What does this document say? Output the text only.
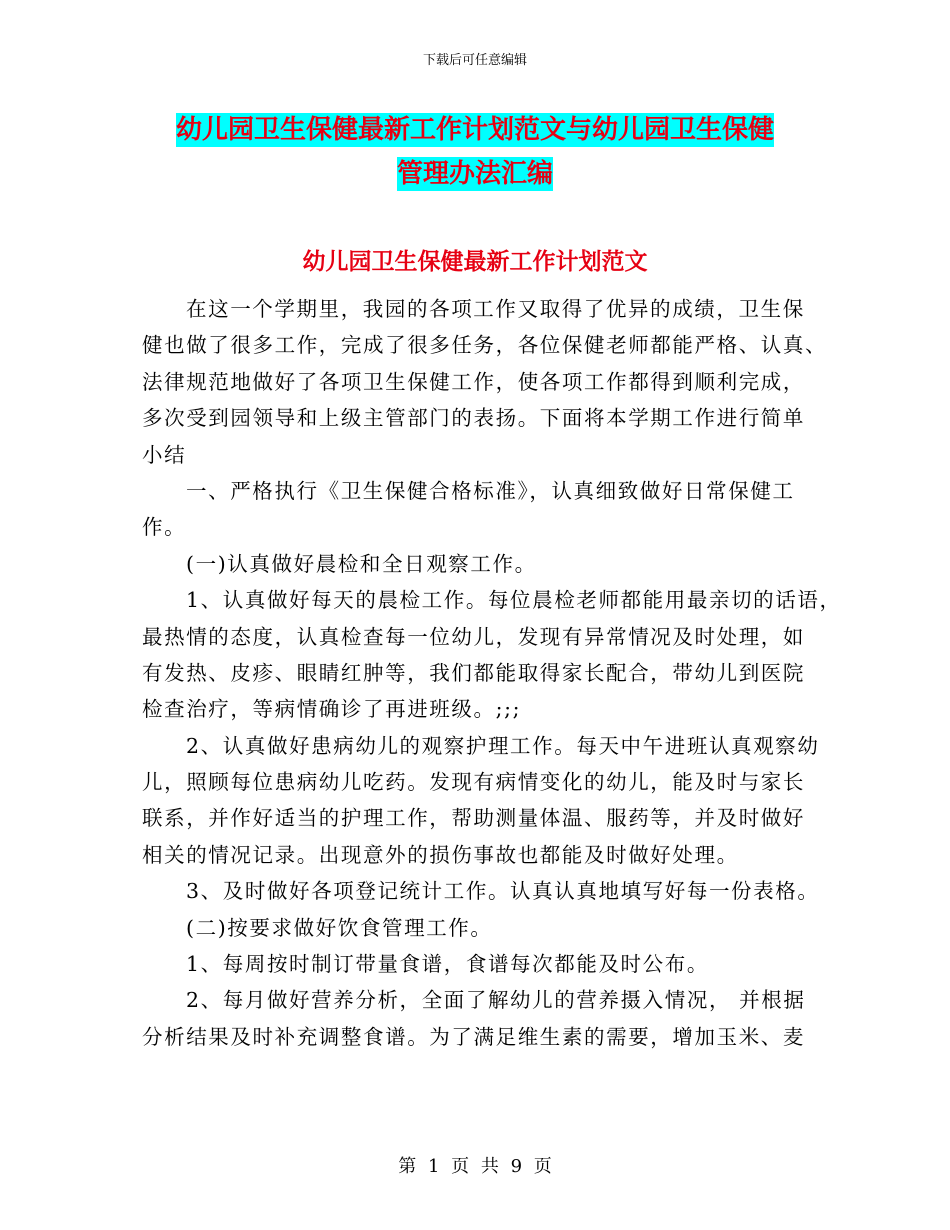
下载后可任意编辑
幼儿园卫生保健最新工作计划范文与幼儿园卫生保健
管理办法汇编
幼儿园卫生保健最新工作计划范文
在这一个学期里，我园的各项工作又取得了优异的成绩，卫生保
健也做了很多工作，完成了很多任务，各位保健老师都能严格、认真、
法律规范地做好了各项卫生保健工作，使各项工作都得到顺利完成，
多次受到园领导和上级主管部门的表扬。下面将本学期工作进行简单
小结
一、严格执行《卫生保健合格标准》，认真细致做好日常保健工
作。
(一)认真做好晨检和全日观察工作。
1、认真做好每天的晨检工作。每位晨检老师都能用最亲切的话语，
最热情的态度，认真检查每一位幼儿，发现有异常情况及时处理，如
有发热、皮疹、眼睛红肿等，我们都能取得家长配合，带幼儿到医院
检查治疗，等病情确诊了再进班级。;;;
2、认真做好患病幼儿的观察护理工作。每天中午进班认真观察幼
儿，照顾每位患病幼儿吃药。发现有病情变化的幼儿，能及时与家长
联系，并作好适当的护理工作，帮助测量体温、服药等，并及时做好
相关的情况记录。出现意外的损伤事故也都能及时做好处理。
3、及时做好各项登记统计工作。认真认真地填写好每一份表格。
(二)按要求做好饮食管理工作。
1、每周按时制订带量食谱，食谱每次都能及时公布。
2、每月做好营养分析，全面了解幼儿的营养摄入情况， 并根据
分析结果及时补充调整食谱。为了满足维生素的需要，增加玉米、麦
第 1 页 共 9 页
